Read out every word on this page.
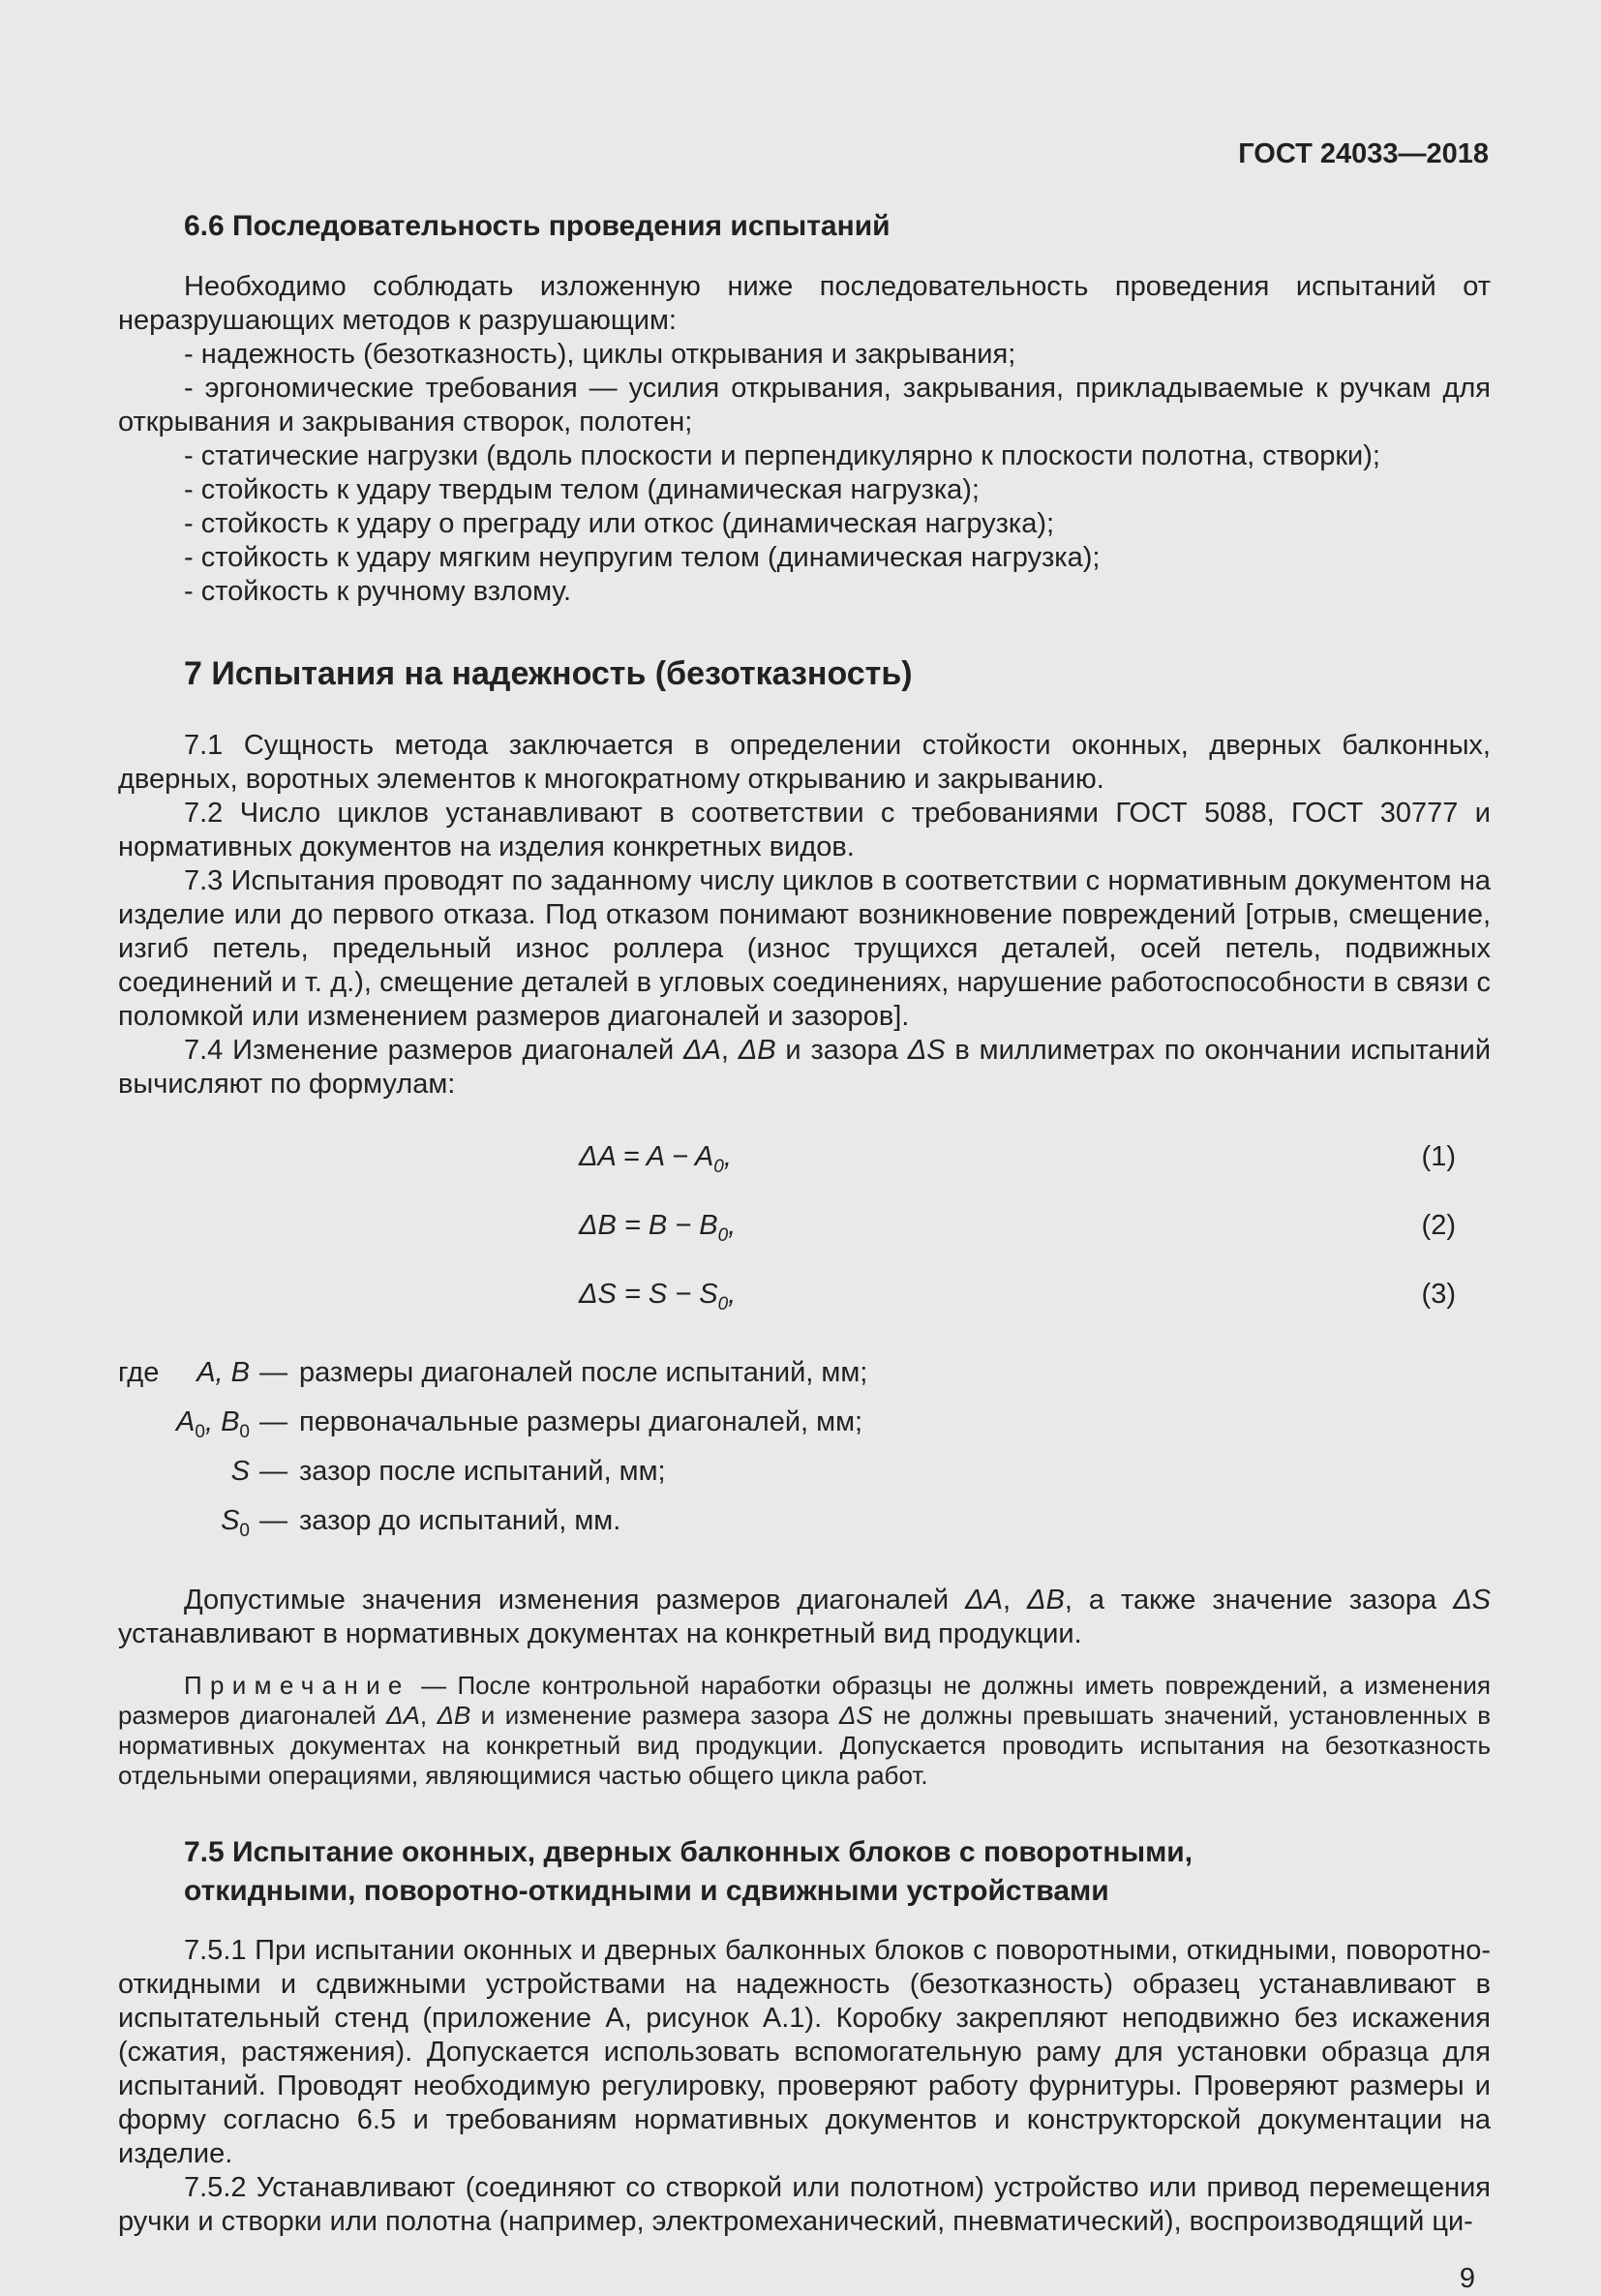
ГОСТ 24033—2018
6.6 Последовательность проведения испытаний

Необходимо соблюдать изложенную ниже последовательность проведения испытаний от неразрушающих методов к разрушающим:

- надежность (безотказность), циклы открывания и закрывания;

- эргономические требования — усилия открывания, закрывания, прикладываемые к ручкам для открывания и закрывания створок, полотен;

- статические нагрузки (вдоль плоскости и перпендикулярно к плоскости полотна, створки);

- стойкость к удару твердым телом (динамическая нагрузка);

- стойкость к удару о преграду или откос (динамическая нагрузка);

- стойкость к удару мягким неупругим телом (динамическая нагрузка);

- стойкость к ручному взлому.

7 Испытания на надежность (безотказность)

7.1 Сущность метода заключается в определении стойкости оконных, дверных балконных, дверных, воротных элементов к многократному открыванию и закрыванию.

7.2 Число циклов устанавливают в соответствии с требованиями ГОСТ 5088, ГОСТ 30777 и нормативных документов на изделия конкретных видов.

7.3 Испытания проводят по заданному числу циклов в соответствии с нормативным документом на изделие или до первого отказа. Под отказом понимают возникновение повреждений [отрыв, смещение, изгиб петель, предельный износ роллера (износ трущихся деталей, осей петель, подвижных соединений и т. д.), смещение деталей в угловых соединениях, нарушение работоспособности в связи с поломкой или изменением размеров диагоналей и зазоров].

7.4 Изменение размеров диагоналей ΔA, ΔB и зазора ΔS в миллиметрах по окончании испытаний вычисляют по формулам:

$\Delta A = A - A_0$,	(1)
$\Delta B = B - B_0$,	(2)
$\Delta S = S - S_0$,	(3)
где	A, B — размеры диагоналей после испытаний, мм;
$A_0$, $B_0$ — первоначальные размеры диагоналей, мм;
S — зазор после испытаний, мм;
$S_0$ — зазор до испытаний, мм.

Допустимые значения изменения размеров диагоналей ΔA, ΔB, а также значение зазора ΔS устанавливают в нормативных документах на конкретный вид продукции.

Примечание — После контрольной наработки образцы не должны иметь повреждений, а изменения размеров диагоналей ΔA, ΔB и изменение размера зазора ΔS не должны превышать значений, установленных в нормативных документах на конкретный вид продукции. Допускается проводить испытания на безотказность отдельными операциями, являющимися частью общего цикла работ.

7.5 Испытание оконных, дверных балконных блоков с поворотными, откидными, поворотно-откидными и сдвижными устройствами

7.5.1 При испытании оконных и дверных балконных блоков с поворотными, откидными, поворотно-откидными и сдвижными устройствами на надежность (безотказность) образец устанавливают в испытательный стенд (приложение А, рисунок А.1). Коробку закрепляют неподвижно без искажения (сжатия, растяжения). Допускается использовать вспомогательную раму для установки образца для испытаний. Проводят необходимую регулировку, проверяют работу фурнитуры. Проверяют размеры и форму согласно 6.5 и требованиям нормативных документов и конструкторской документации на изделие.

7.5.2 Устанавливают (соединяют со створкой или полотном) устройство или привод перемещения ручки и створки или полотна (например, электромеханический, пневматический), воспроизводящий ци-

9
